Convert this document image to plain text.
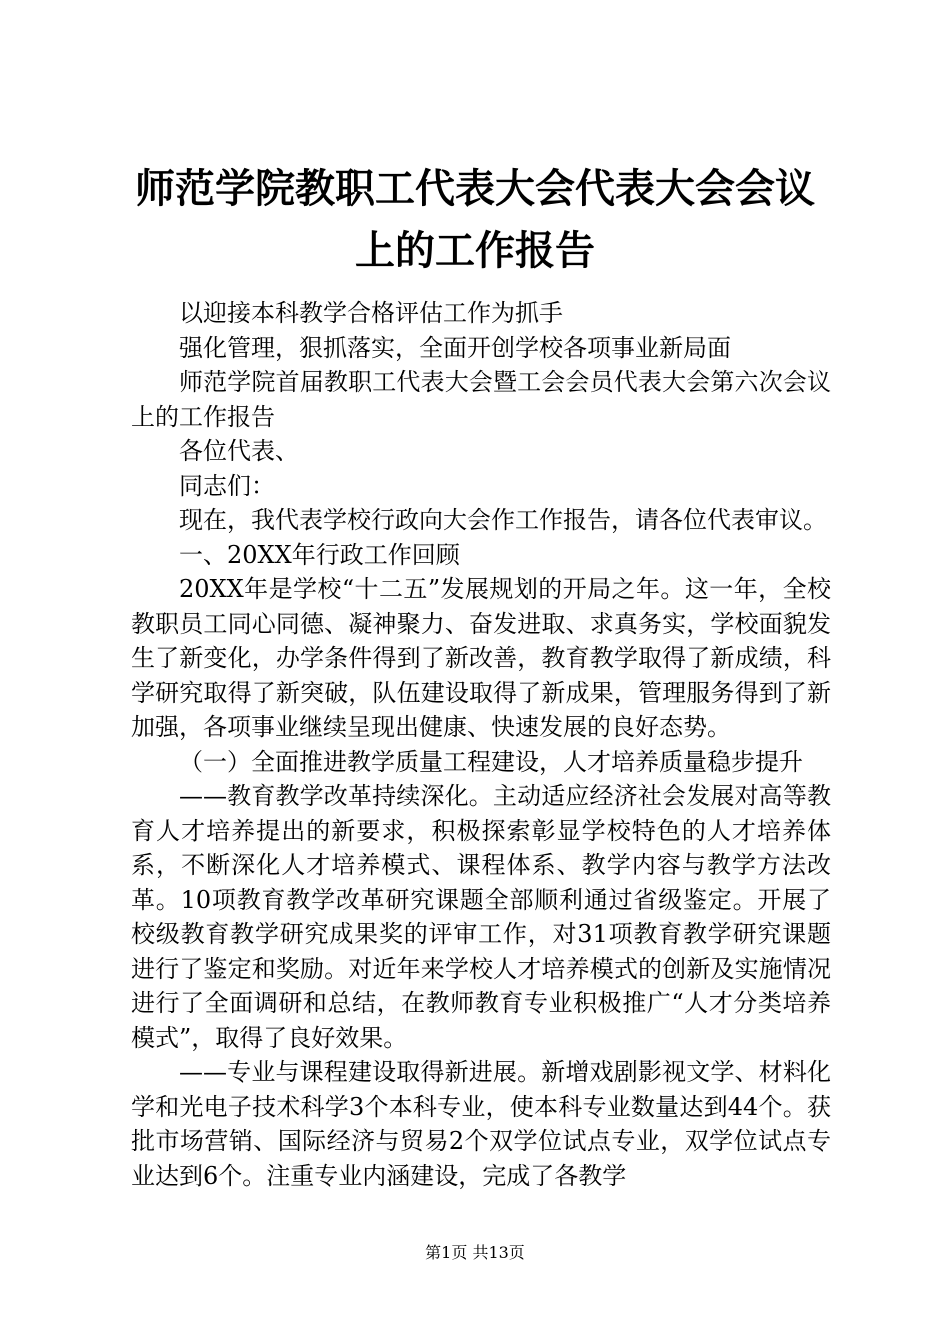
师范学院教职工代表大会代表大会会议上的工作报告

以迎接本科教学合格评估工作为抓手

强化管理，狠抓落实，全面开创学校各项事业新局面

师范学院首届教职工代表大会暨工会会员代表大会第六次会议上的工作报告

各位代表、

同志们：

现在，我代表学校行政向大会作工作报告，请各位代表审议。

一、20XX年行政工作回顾

20XX年是学校“十二五”发展规划的开局之年。这一年，全校教职员工同心同德、凝神聚力、奋发进取、求真务实，学校面貌发生了新变化，办学条件得到了新改善，教育教学取得了新成绩，科学研究取得了新突破，队伍建设取得了新成果，管理服务得到了新加强，各项事业继续呈现出健康、快速发展的良好态势。

（一）全面推进教学质量工程建设，人才培养质量稳步提升

——教育教学改革持续深化。主动适应经济社会发展对高等教育人才培养提出的新要求，积极探索彰显学校特色的人才培养体系，不断深化人才培养模式、课程体系、教学内容与教学方法改革。10项教育教学改革研究课题全部顺利通过省级鉴定。开展了校级教育教学研究成果奖的评审工作，对31项教育教学研究课题进行了鉴定和奖励。对近年来学校人才培养模式的创新及实施情况进行了全面调研和总结，在教师教育专业积极推广“人才分类培养模式”，取得了良好效果。

——专业与课程建设取得新进展。新增戏剧影视文学、材料化学和光电子技术科学3个本科专业，使本科专业数量达到44个。获批市场营销、国际经济与贸易2个双学位试点专业，双学位试点专业达到6个。注重专业内涵建设，完成了各教学

第1页 共13页
